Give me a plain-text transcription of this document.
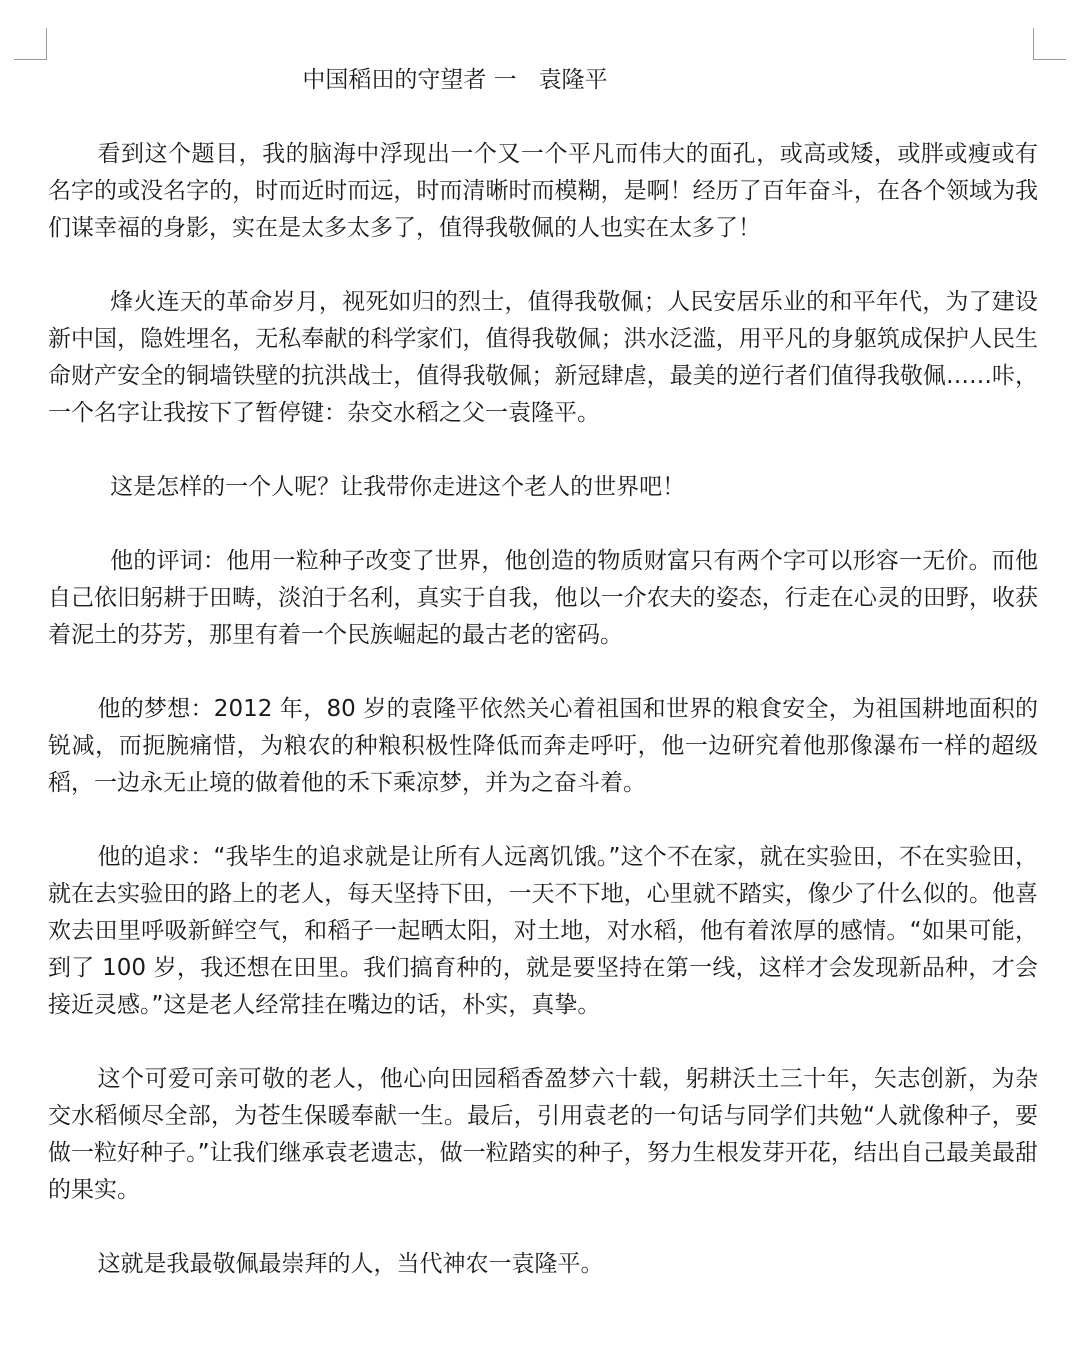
中国稻田的守望者 一   袁隆平

看到这个题目，我的脑海中浮现出一个又一个平凡而伟大的面孔，或高或矮，或胖或瘦或有名字的或没名字的，时而近时而远，时而清晰时而模糊，是啊！经历了百年奋斗，在各个领域为我们谋幸福的身影，实在是太多太多了，值得我敬佩的人也实在太多了！

烽火连天的革命岁月，视死如归的烈士，值得我敬佩；人民安居乐业的和平年代，为了建设新中国，隐姓埋名，无私奉献的科学家们，值得我敬佩；洪水泛滥，用平凡的身躯筑成保护人民生命财产安全的铜墙铁壁的抗洪战士，值得我敬佩；新冠肆虐，最美的逆行者们值得我敬佩……咔，一个名字让我按下了暂停键：杂交水稻之父一袁隆平。

这是怎样的一个人呢？让我带你走进这个老人的世界吧！

他的评词：他用一粒种子改变了世界，他创造的物质财富只有两个字可以形容一无价。而他自己依旧躬耕于田畴，淡泊于名利，真实于自我，他以一介农夫的姿态，行走在心灵的田野，收获着泥土的芬芳，那里有着一个民族崛起的最古老的密码。

他的梦想：2012 年，80 岁的袁隆平依然关心着祖国和世界的粮食安全，为祖国耕地面积的锐减，而扼腕痛惜，为粮农的种粮积极性降低而奔走呼吁，他一边研究着他那像瀑布一样的超级稻，一边永无止境的做着他的禾下乘凉梦，并为之奋斗着。

他的追求：“我毕生的追求就是让所有人远离饥饿。”这个不在家，就在实验田，不在实验田，就在去实验田的路上的老人，每天坚持下田，一天不下地，心里就不踏实，像少了什么似的。他喜欢去田里呼吸新鲜空气，和稻子一起晒太阳，对土地，对水稻，他有着浓厚的感情。“如果可能，到了 100 岁，我还想在田里。我们搞育种的，就是要坚持在第一线，这样才会发现新品种，才会接近灵感。”这是老人经常挂在嘴边的话，朴实，真挚。

这个可爱可亲可敬的老人，他心向田园稻香盈梦六十载，躬耕沃土三十年，矢志创新，为杂交水稻倾尽全部，为苍生保暖奉献一生。最后，引用袁老的一句话与同学们共勉“人就像种子，要做一粒好种子。”让我们继承袁老遗志，做一粒踏实的种子，努力生根发芽开花，结出自己最美最甜的果实。

这就是我最敬佩最崇拜的人，当代神农一袁隆平。
